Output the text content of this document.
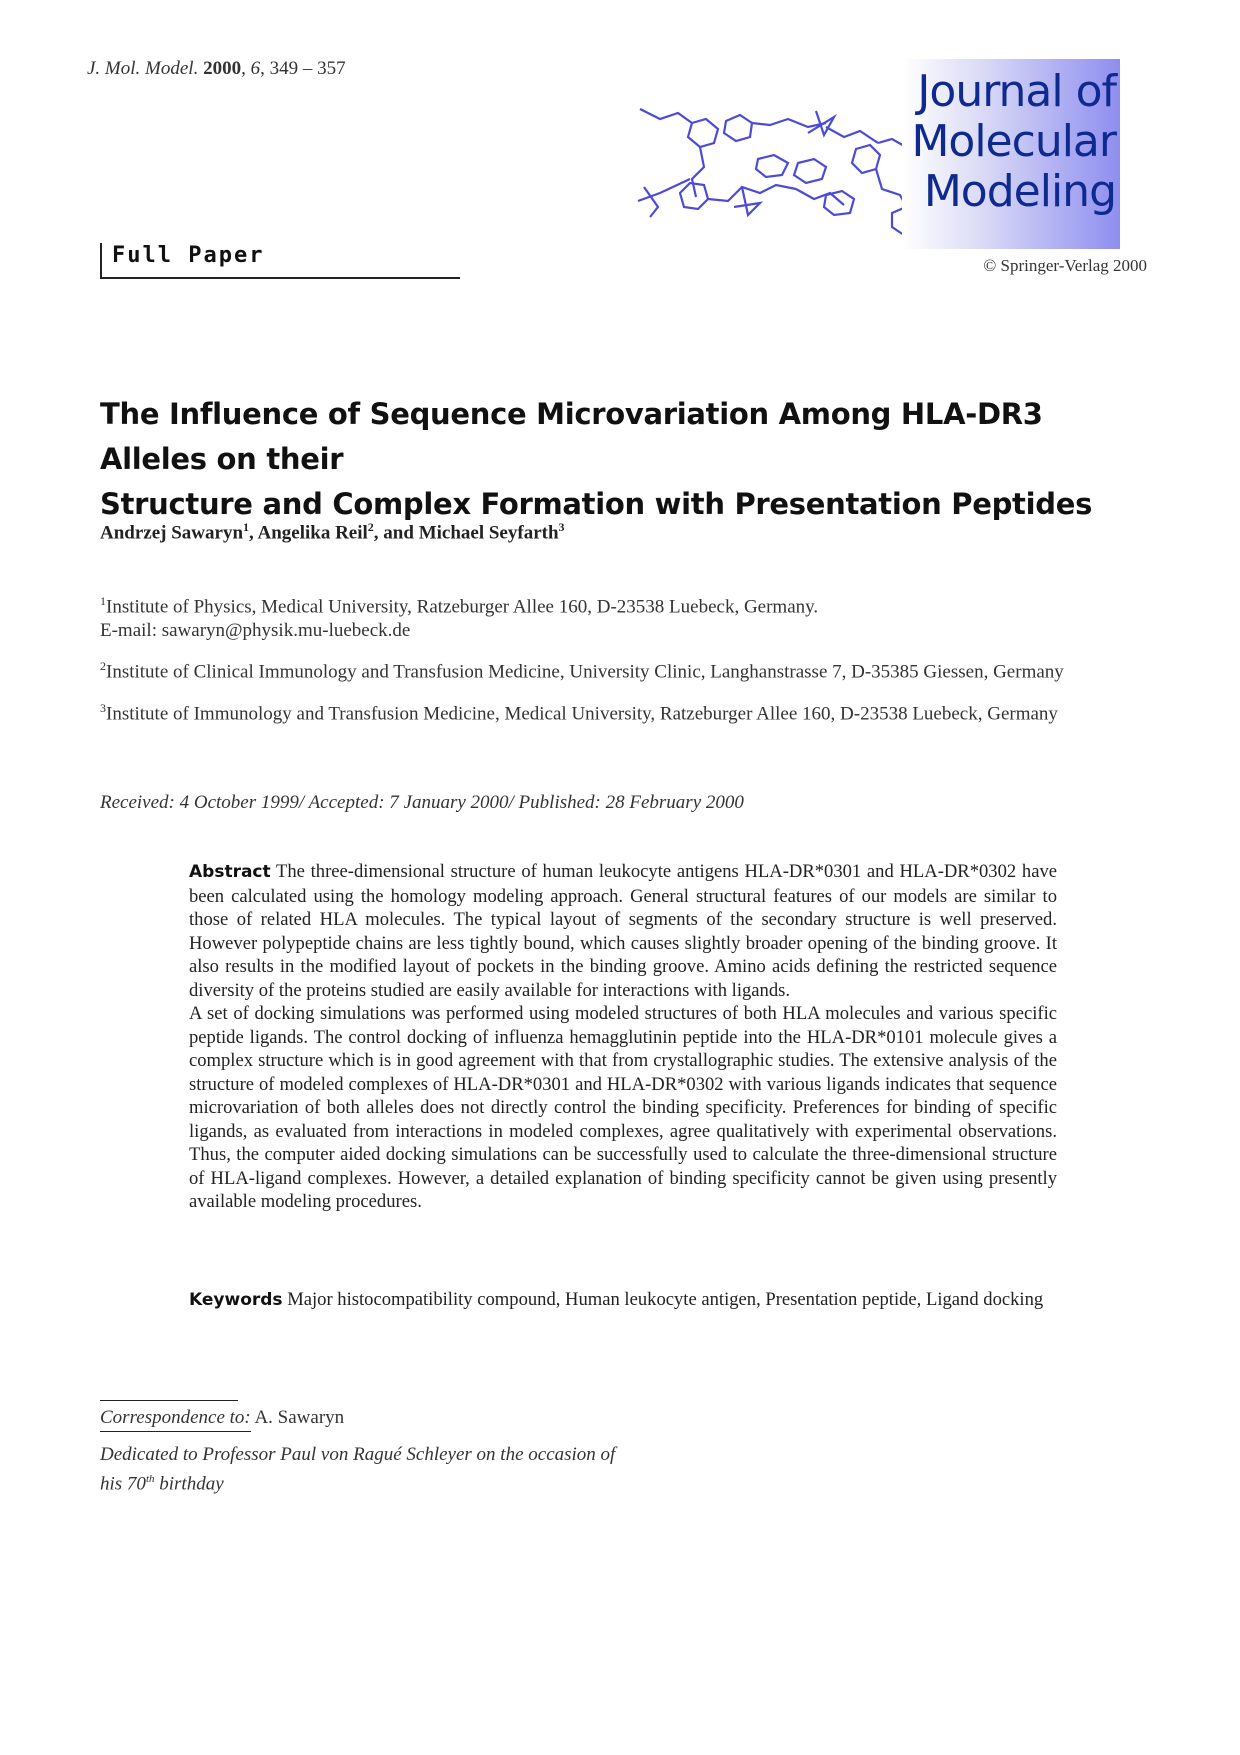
J. Mol. Model. 2000, 6, 349 – 357	Journal of
Molecular
Modeling
Full Paper	© Springer-Verlag 2000
The Influence of Sequence Microvariation Among HLA-DR3 Alleles on their
Structure and Complex Formation with Presentation Peptides
Andrzej Sawaryn$^1$, Angelika Reil$^2$, and Michael Seyfarth$^3$

$^1$Institute of Physics, Medical University, Ratzeburger Allee 160, D-23538 Luebeck, Germany.
E-mail: sawaryn@physik.mu-luebeck.de

$^2$Institute of Clinical Immunology and Transfusion Medicine, University Clinic, Langhanstrasse 7, D-35385 Giessen, Germany

$^3$Institute of Immunology and Transfusion Medicine, Medical University, Ratzeburger Allee 160, D-23538 Luebeck, Germany

Received: 4 October 1999/ Accepted: 7 January 2000/ Published: 28 February 2000

Abstract The three-dimensional structure of human leukocyte antigens HLA-DR*0301 and HLA-DR*0302 have been calculated using the homology modeling approach. General structural features of our models are similar to those of related HLA molecules. The typical layout of segments of the secondary structure is well preserved. However polypeptide chains are less tightly bound, which causes slightly broader opening of the binding groove. It also results in the modified layout of pockets in the binding groove. Amino acids defining the restricted sequence diversity of the proteins studied are easily available for interactions with ligands.

A set of docking simulations was performed using modeled structures of both HLA molecules and various specific peptide ligands. The control docking of influenza hemagglutinin peptide into the HLA-DR*0101 molecule gives a complex structure which is in good agreement with that from crystallographic studies. The extensive analysis of the structure of modeled complexes of HLA-DR*0301 and HLA-DR*0302 with various ligands indicates that sequence microvariation of both alleles does not directly control the binding specificity. Preferences for binding of specific ligands, as evaluated from interactions in modeled complexes, agree qualitatively with experimental observations. Thus, the computer aided docking simulations can be successfully used to calculate the three-dimensional structure of HLA-ligand complexes. However, a detailed explanation of binding specificity cannot be given using presently available modeling procedures.

Keywords Major histocompatibility compound, Human leukocyte antigen, Presentation peptide, Ligand docking
Correspondence to: A. Sawaryn
Dedicated to Professor Paul von Ragué Schleyer on the occasion of his 70th birthday
